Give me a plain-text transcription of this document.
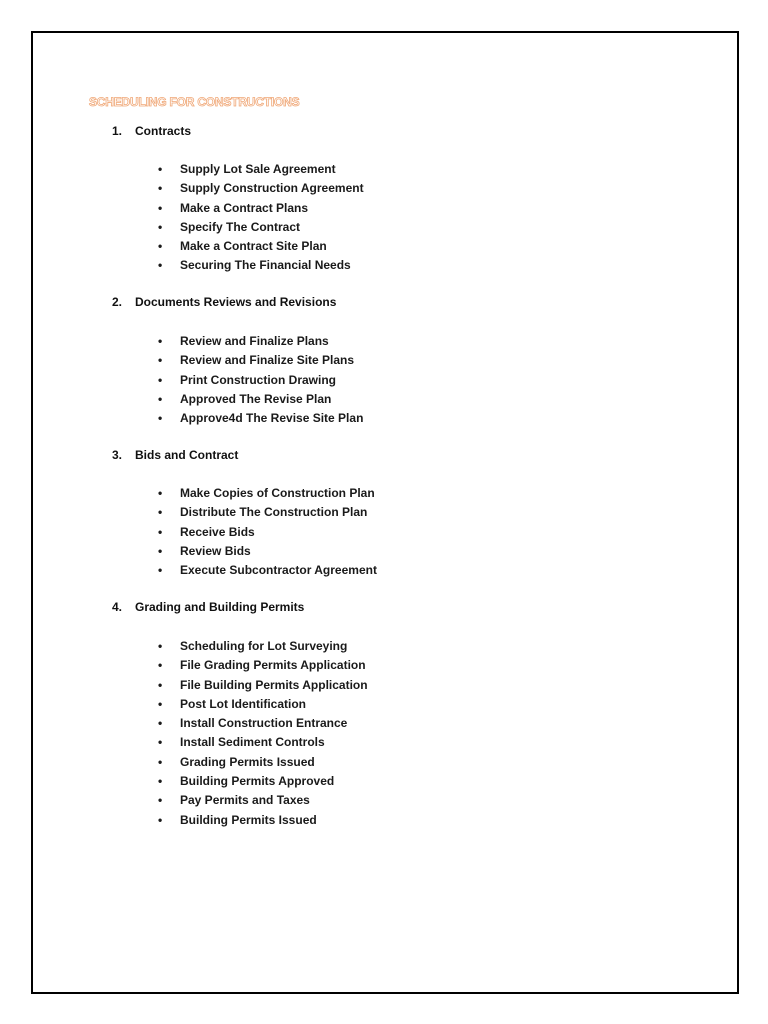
SCHEDULING FOR CONSTRUCTIONS
1. Contracts
• Supply Lot Sale Agreement
• Supply Construction Agreement
• Make a Contract Plans
• Specify The Contract
• Make a Contract Site Plan
• Securing The Financial Needs
2. Documents Reviews and Revisions
• Review and Finalize Plans
• Review and Finalize Site Plans
• Print Construction Drawing
• Approved The Revise Plan
• Approve4d The Revise Site Plan
3. Bids and Contract
• Make Copies of Construction Plan
• Distribute The Construction Plan
• Receive Bids
• Review Bids
• Execute Subcontractor Agreement
4. Grading and Building Permits
• Scheduling for Lot Surveying
• File Grading Permits Application
• File Building Permits Application
• Post Lot Identification
• Install Construction Entrance
• Install Sediment Controls
• Grading Permits Issued
• Building Permits Approved
• Pay Permits and Taxes
• Building Permits Issued
